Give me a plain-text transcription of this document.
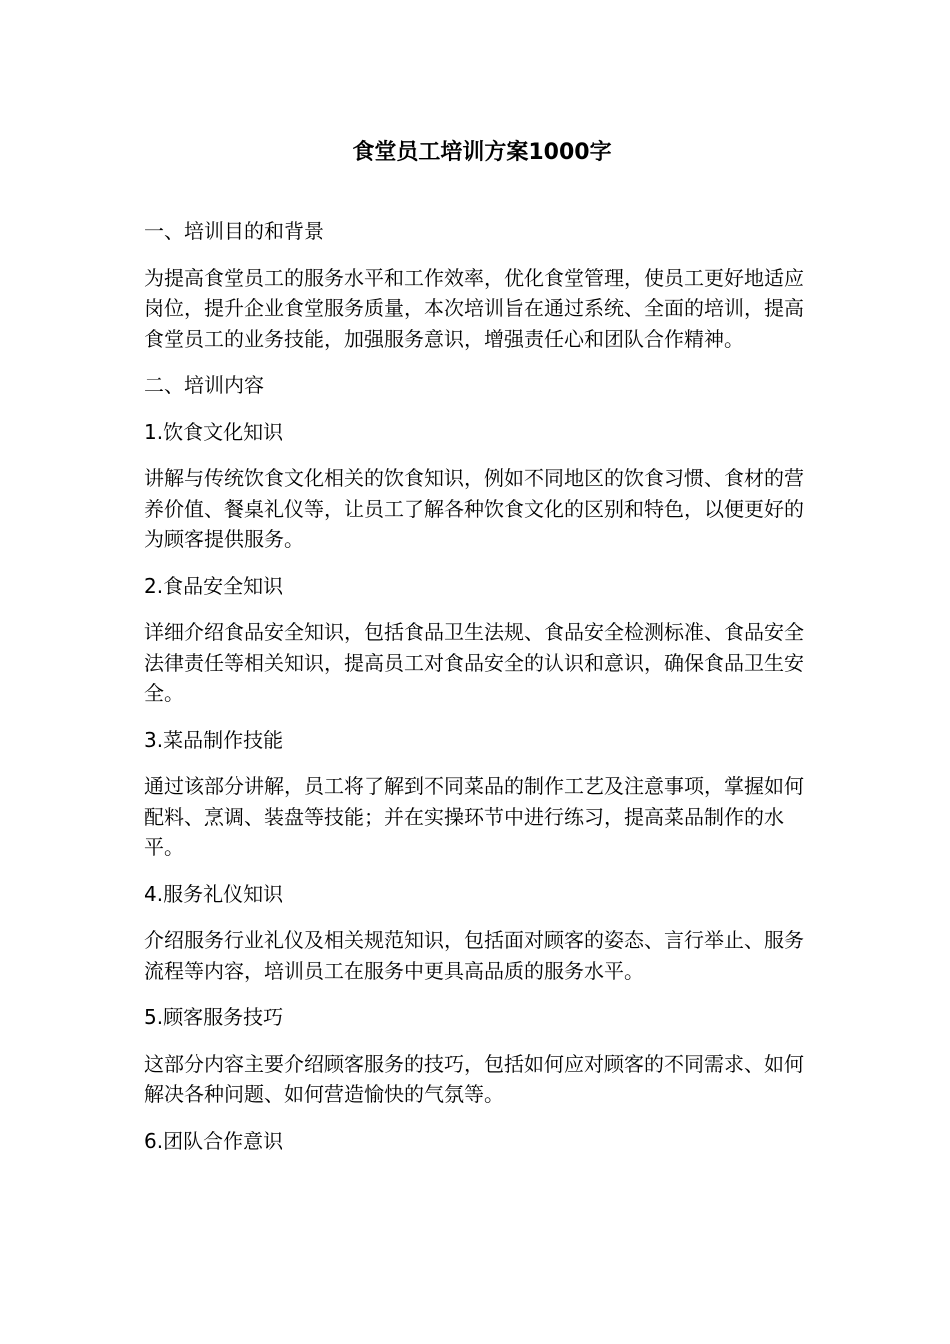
食堂员工培训方案1000字

一、培训目的和背景

为提高食堂员工的服务水平和工作效率，优化食堂管理，使员工更好地适应岗位，提升企业食堂服务质量，本次培训旨在通过系统、全面的培训，提高食堂员工的业务技能，加强服务意识，增强责任心和团队合作精神。

二、培训内容

1.饮食文化知识

讲解与传统饮食文化相关的饮食知识，例如不同地区的饮食习惯、食材的营养价值、餐桌礼仪等，让员工了解各种饮食文化的区别和特色，以便更好的为顾客提供服务。

2.食品安全知识

详细介绍食品安全知识，包括食品卫生法规、食品安全检测标准、食品安全法律责任等相关知识，提高员工对食品安全的认识和意识，确保食品卫生安全。

3.菜品制作技能

通过该部分讲解，员工将了解到不同菜品的制作工艺及注意事项，掌握如何配料、烹调、装盘等技能；并在实操环节中进行练习，提高菜品制作的水平。

4.服务礼仪知识

介绍服务行业礼仪及相关规范知识，包括面对顾客的姿态、言行举止、服务流程等内容，培训员工在服务中更具高品质的服务水平。

5.顾客服务技巧

这部分内容主要介绍顾客服务的技巧，包括如何应对顾客的不同需求、如何解决各种问题、如何营造愉快的气氛等。

6.团队合作意识
